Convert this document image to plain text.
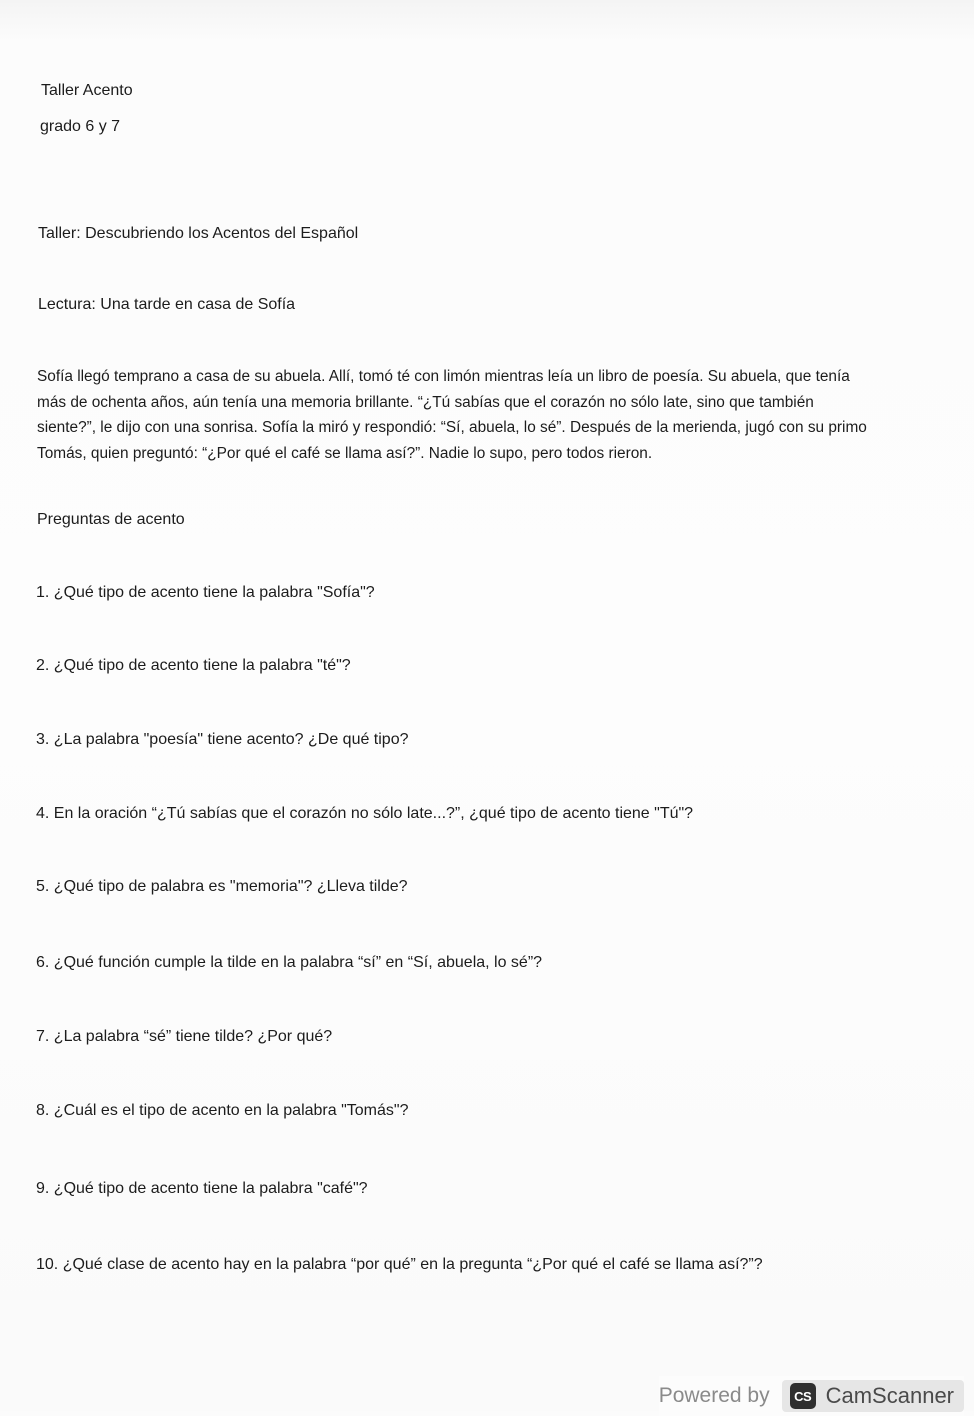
Taller Acento
grado 6 y 7
Taller: Descubriendo los Acentos del Español
Lectura: Una tarde en casa de Sofía
Sofía llegó temprano a casa de su abuela. Allí, tomó té con limón mientras leía un libro de poesía. Su abuela, que tenía
más de ochenta años, aún tenía una memoria brillante. “¿Tú sabías que el corazón no sólo late, sino que también
siente?”, le dijo con una sonrisa. Sofía la miró y respondió: “Sí, abuela, lo sé”. Después de la merienda, jugó con su primo
Tomás, quien preguntó: “¿Por qué el café se llama así?”. Nadie lo supo, pero todos rieron.
Preguntas de acento
1. ¿Qué tipo de acento tiene la palabra "Sofía"?
2. ¿Qué tipo de acento tiene la palabra "té"?
3. ¿La palabra "poesía" tiene acento? ¿De qué tipo?
4. En la oración “¿Tú sabías que el corazón no sólo late...?”, ¿qué tipo de acento tiene "Tú"?
5. ¿Qué tipo de palabra es "memoria"? ¿Lleva tilde?
6. ¿Qué función cumple la tilde en la palabra “sí” en “Sí, abuela, lo sé”?
7. ¿La palabra “sé” tiene tilde? ¿Por qué?
8. ¿Cuál es el tipo de acento en la palabra "Tomás"?
9. ¿Qué tipo de acento tiene la palabra "café"?
10. ¿Qué clase de acento hay en la palabra “por qué” en la pregunta “¿Por qué el café se llama así?”?
Powered by	CS CamScanner
